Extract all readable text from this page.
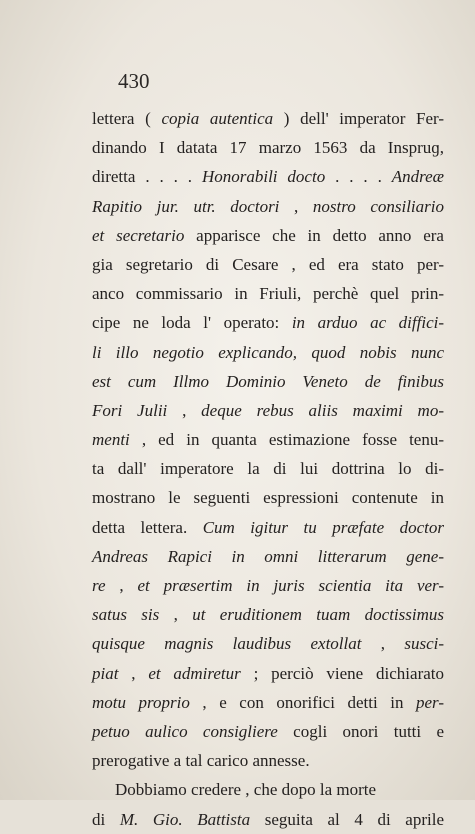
430
lettera ( copia autentica ) dell' imperator Fer-
dinando I datata 17 marzo 1563 da Inspruɡ,
diretta . . . . Honorabili docto . . . . Andreæ
Rapitio jur. utr. doctori , nostro consiliario
et secretario apparisce che in detto anno era
gia segretario di Cesare , ed era stato per-
anco commissario in Friuli, perchè quel prin-
cipe ne loda l' operato: in arduo ac diffici-
li illo negotio explicando, quod nobis nunc
est cum Illmo Dominio Veneto de finibus
Fori Julii , deque rebus aliis maximi mo-
menti , ed in quanta estimazione fosse tenu-
ta dall' imperatore la di lui dottrina lo di-
mostrano le seguenti espressioni contenute in
detta lettera. Cum igitur tu præfate doctor
Andreas Rapici in omni litterarum gene-
re , et præsertim in juris scientia ita ver-
satus sis , ut eruditionem tuam doctissimus
quisque magnis laudibus extollat , susci-
piat , et admiretur ; perciò viene dichiarato
motu proprio , e con onorifici detti in per-
petuo aulico consigliere cogli onori tutti e
prerogative a tal carico annesse.
Dobbiamo credere , che dopo la morte
di M. Gio. Battista seguita al 4 di aprile
